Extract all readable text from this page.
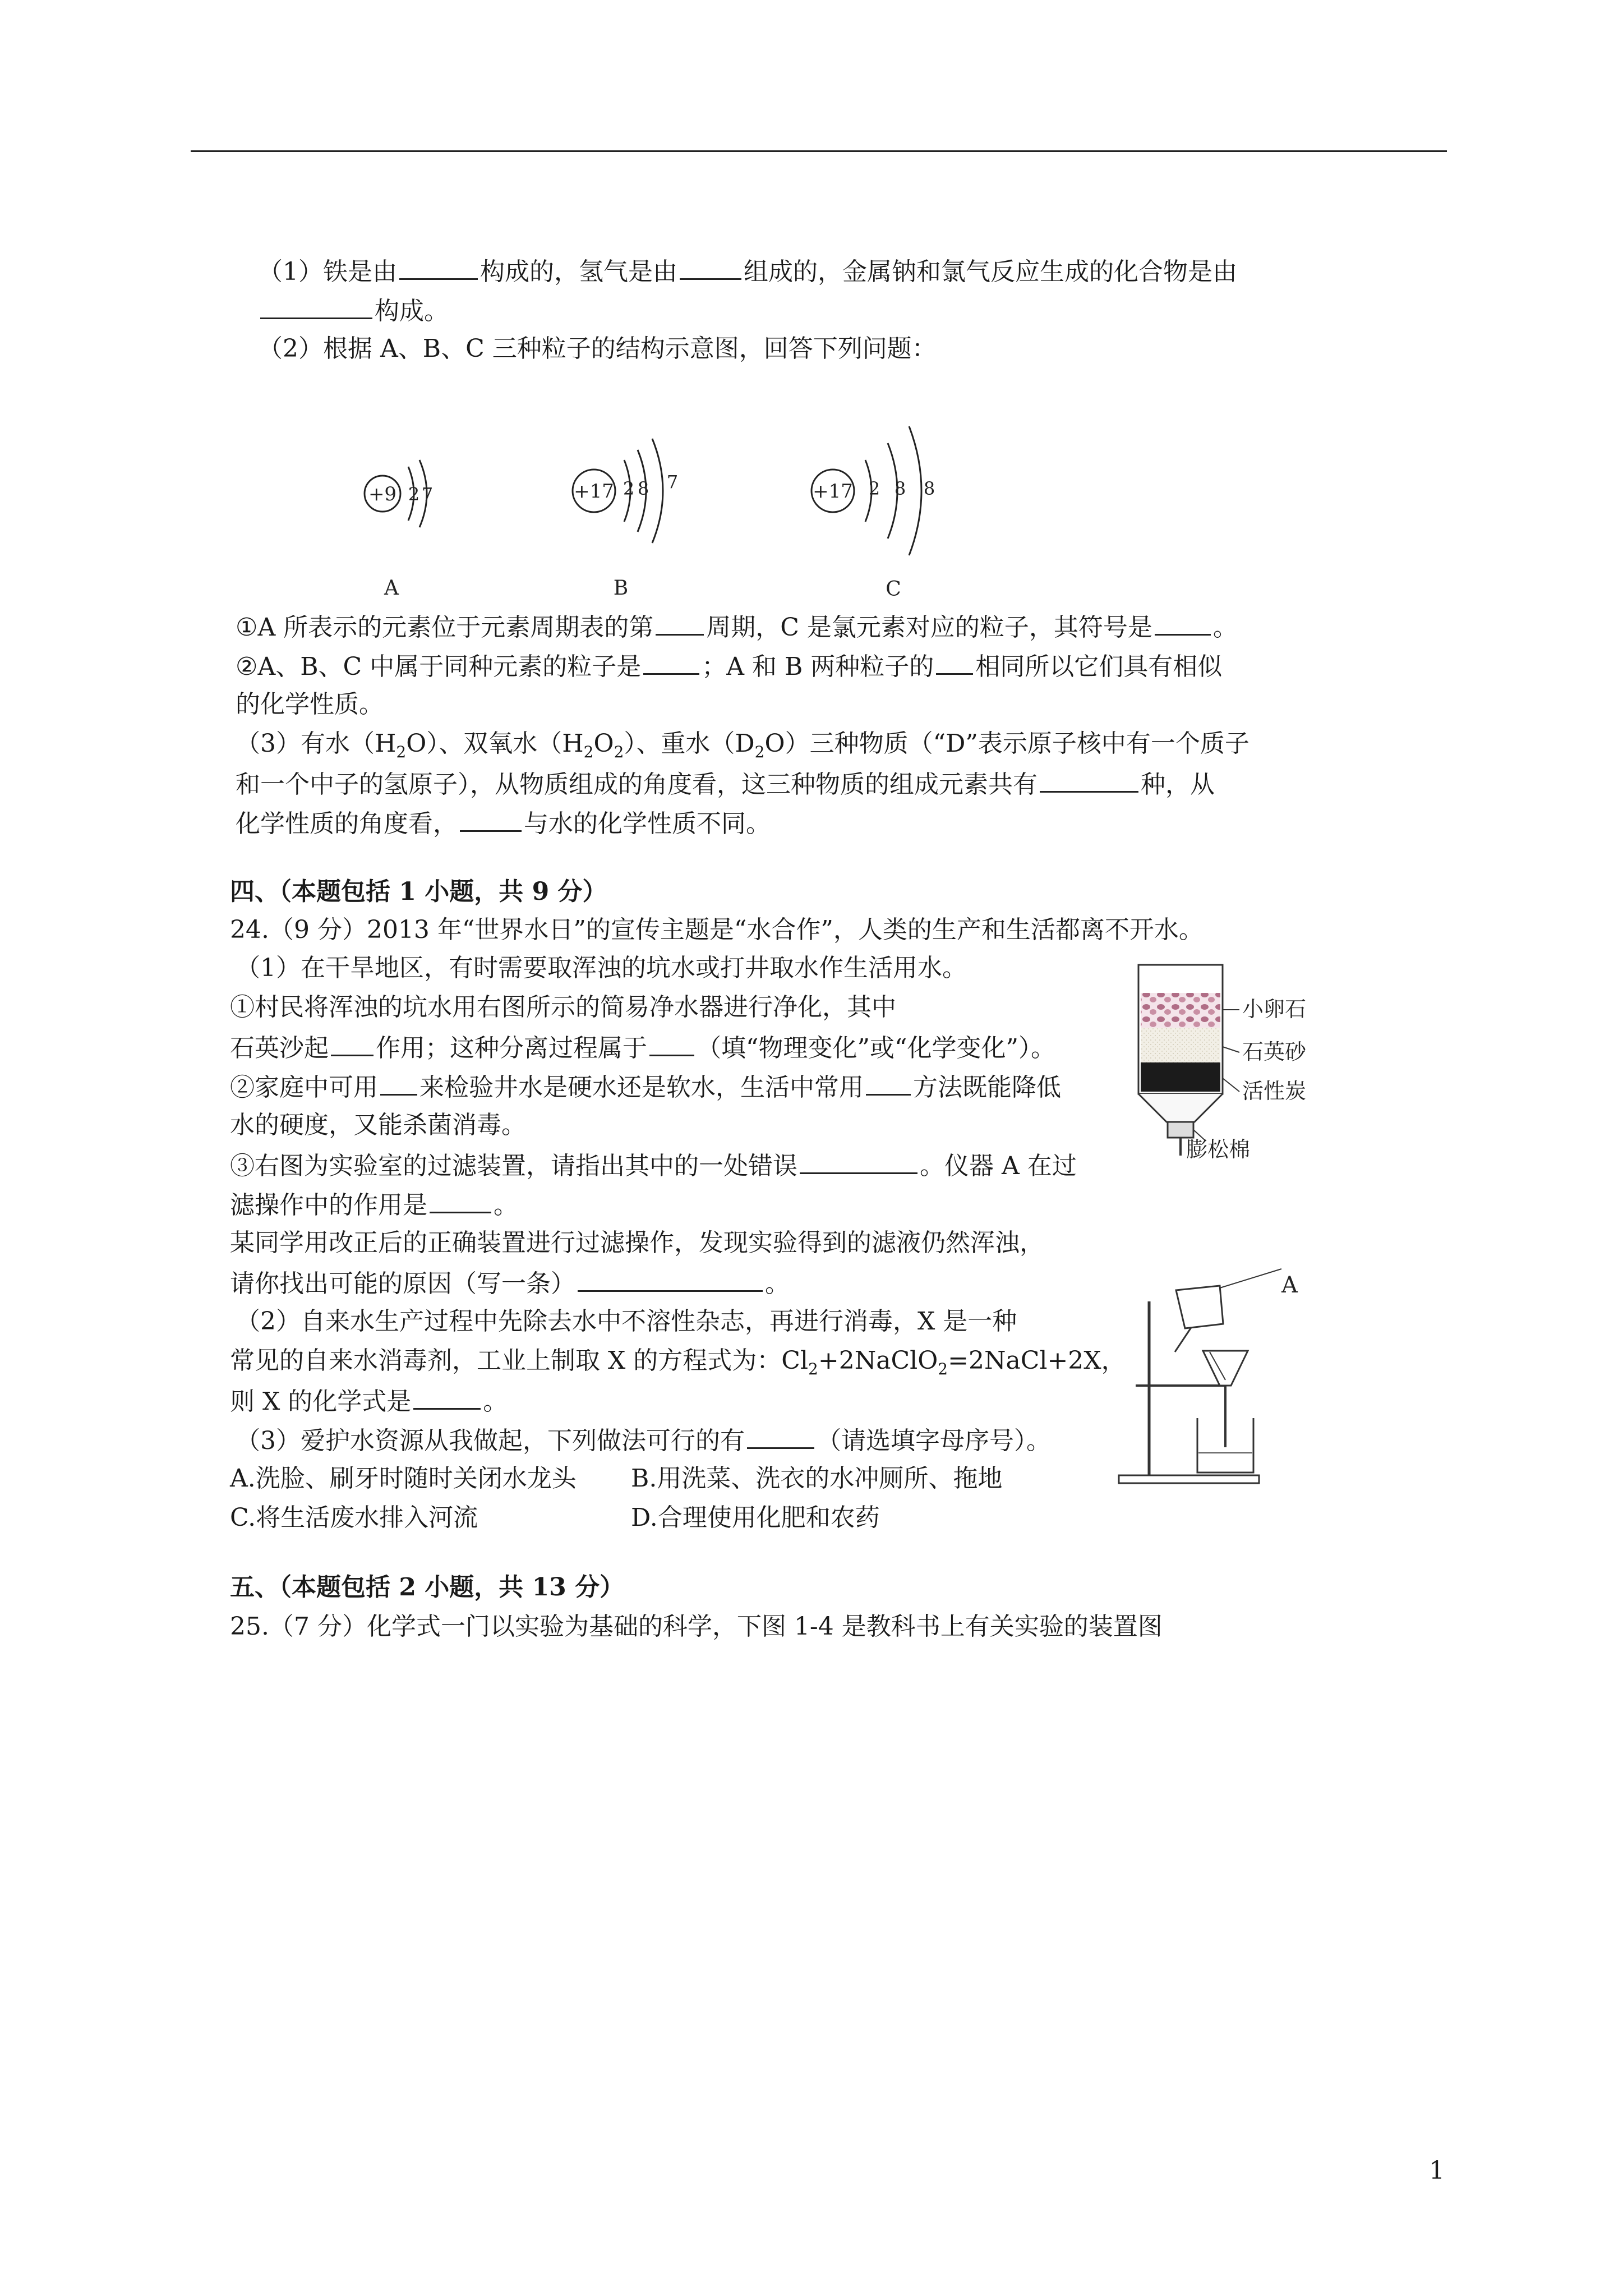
（1）铁是由	构成的，氢气是由	组成的，金属钠和氯气反应生成的化合物是由
构成。
（2）根据 A、B、C 三种粒子的结构示意图，回答下列问题：
+9 2 7
A
+17 2 8 7
B
+17 2 8 8
C
①A 所表示的元素位于元素周期表的第 周期，C 是氯元素对应的粒子，其符号是 。
②A、B、C 中属于同种元素的粒子是 ；A 和 B 两种粒子的 相同所以它们具有相似
的化学性质。
（3）有水$(H_2O)$、双氧水$(H_2O_2)$、重水$(D_2O)$三种物质（“D”表示原子核中有一个质子
和一个中子的氢原子），从物质组成的角度看，这三种物质的组成元素共有	种，从
化学性质的角度看，	与水的化学性质不同。
四、（本题包括 1 小题，共 9 分）
24.（9 分）2013 年“世界水日”的宣传主题是“水合作”，人类的生产和生活都离不开水。
（1）在干旱地区，有时需要取浑浊的坑水或打井取水作生活用水。
①村民将浑浊的坑水用右图所示的简易净水器进行净化，其中
石英沙起 作用；这种分离过程属于 （填“物理变化”或“化学变化”）。
②家庭中可用 来检验井水是硬水还是软水，生活中常用 方法既能降低
水的硬度，又能杀菌消毒。
③右图为实验室的过滤装置，请指出其中的一处错误	。仪器 A 在过
滤操作中的作用是	。
某同学用改正后的正确装置进行过滤操作，发现实验得到的滤液仍然浑浊，
请你找出可能的原因（写一条）	。
（2）自来水生产过程中先除去水中不溶性杂志，再进行消毒，X 是一种
常见的自来水消毒剂，工业上制取 X 的方程式为：$Cl_2+2NaClO_2=2NaCl+2X$，
则 X 的化学式是	。
（3）爱护水资源从我做起，下列做法可行的有	（请选填字母序号）。
A.洗脸、刷牙时随时关闭水龙头 B.用洗菜、洗衣的水冲厕所、拖地
C.将生活废水排入河流	D.合理使用化肥和农药
小卵石
石英砂
活性炭
膨松棉
A
五、（本题包括 2 小题，共 13 分）
25.（7 分）化学式一门以实验为基础的科学，下图 1-4 是教科书上有关实验的装置图
1
